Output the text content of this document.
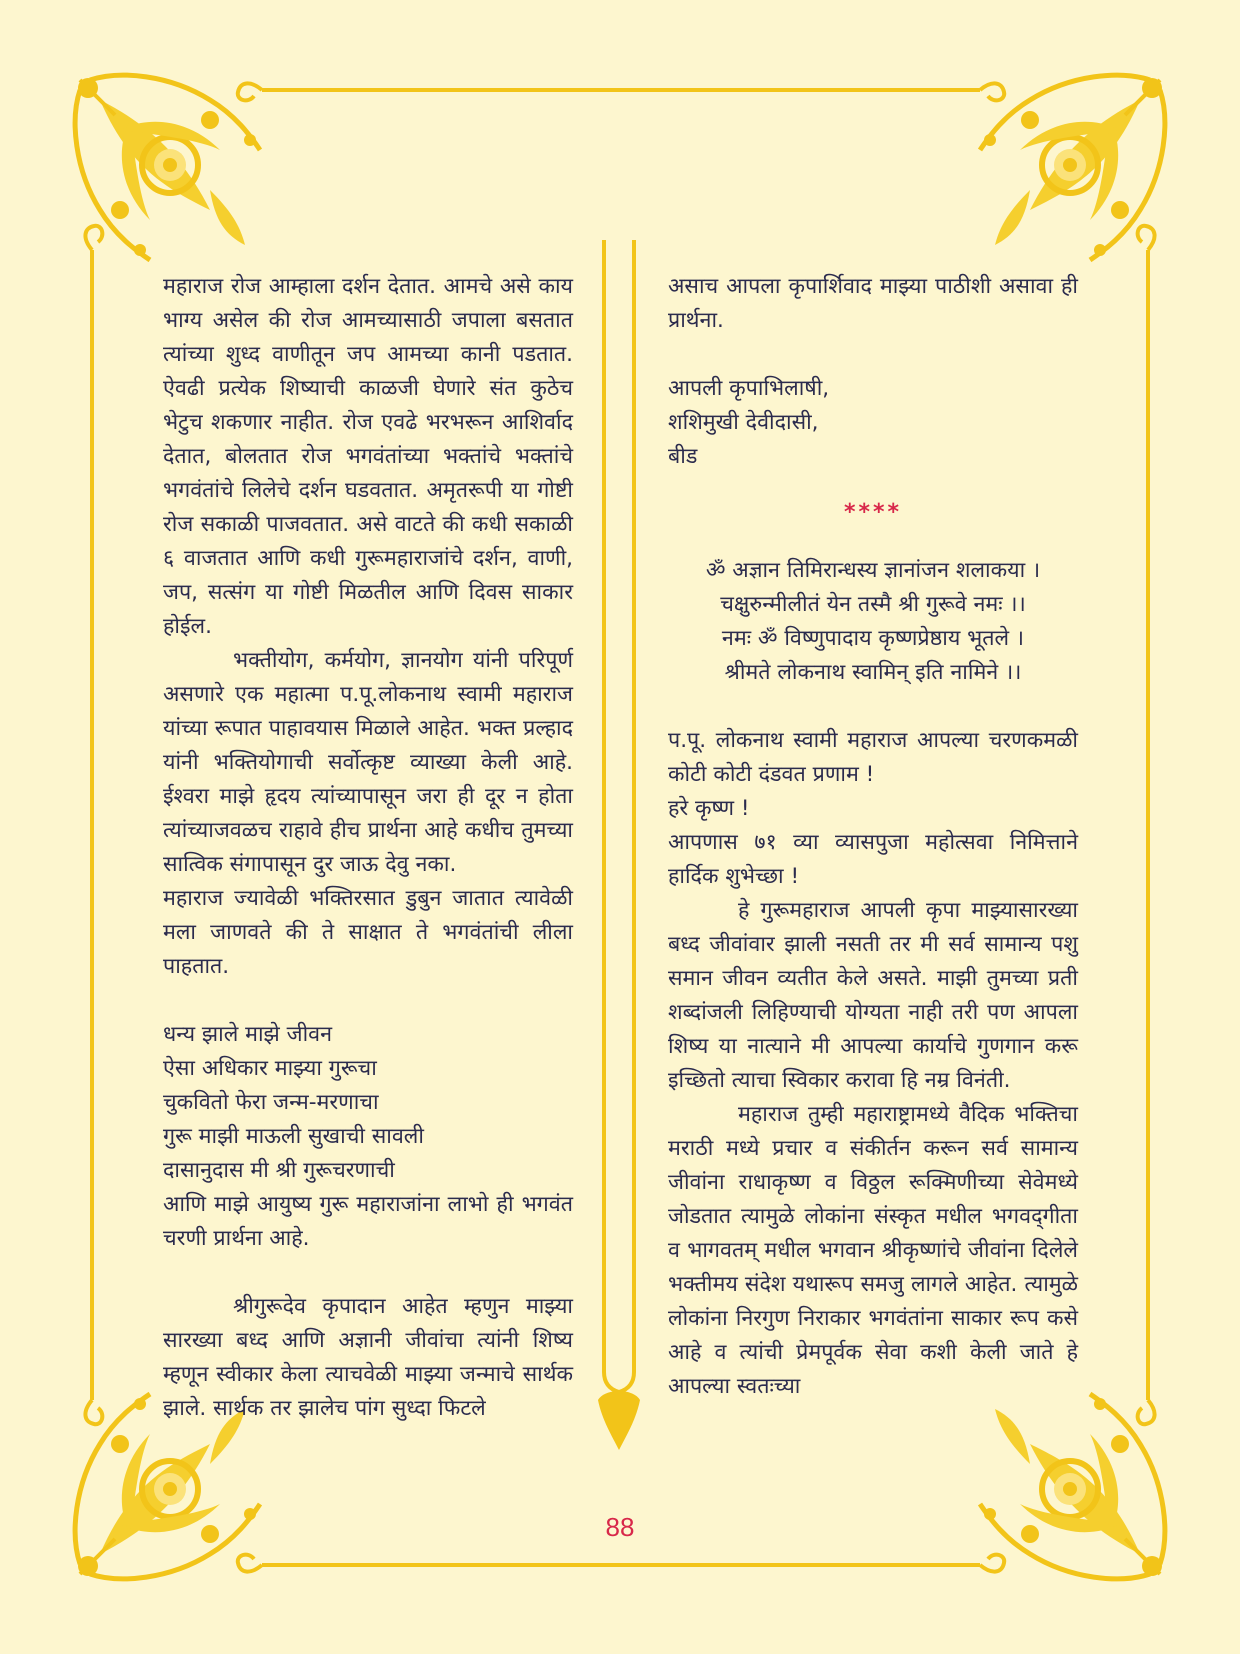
महाराज रोज आम्हाला दर्शन देतात. आमचे असे काय भाग्य असेल की रोज आमच्यासाठी जपाला बसतात त्यांच्या शुध्द वाणीतून जप आमच्या कानी पडतात. ऐवढी प्रत्येक शिष्याची काळजी घेणारे संत कुठेच भेटुच शकणार नाहीत. रोज एवढे भरभरून आशिर्वाद देतात, बोलतात रोज भगवंतांच्या भक्तांचे भक्तांचे भगवंतांचे लिलेचे दर्शन घडवतात. अमृतरूपी या गोष्टी रोज सकाळी पाजवतात. असे वाटते की कधी सकाळी ६ वाजतात आणि कधी गुरूमहाराजांचे दर्शन, वाणी, जप, सत्संग या गोष्टी मिळतील आणि दिवस साकार होईल.

भक्तीयोग, कर्मयोग, ज्ञानयोग यांनी परिपूर्ण असणारे एक महात्मा प.पू.लोकनाथ स्वामी महाराज यांच्या रूपात पाहावयास मिळाले आहेत. भक्त प्रल्हाद यांनी भक्तियोगाची सर्वोत्कृष्ट व्याख्या केली आहे. ईश्वरा माझे हृदय त्यांच्यापासून जरा ही दूर न होता त्यांच्याजवळच राहावे हीच प्रार्थना आहे कधीच तुमच्या सात्विक संगापासून दुर जाऊ देवु नका.

महाराज ज्यावेळी भक्तिरसात डुबुन जातात त्यावेळी मला जाणवते की ते साक्षात ते भगवंतांची लीला पाहतात.

धन्य झाले माझे जीवन

ऐसा अधिकार माझ्या गुरूचा

चुकवितो फेरा जन्म-मरणाचा

गुरू माझी माऊली सुखाची सावली

दासानुदास मी श्री गुरूचरणाची

आणि माझे आयुष्य गुरू महाराजांना लाभो ही भगवंत चरणी प्रार्थना आहे.

श्रीगुरूदेव कृपादान आहेत म्हणुन माझ्या सारख्या बध्द आणि अज्ञानी जीवांचा त्यांनी शिष्य म्हणून स्वीकार केला त्याचवेळी माझ्या जन्माचे सार्थक झाले. सार्थक तर झालेच पांग सुध्दा फिटले

असाच आपला कृपार्शिवाद माझ्या पाठीशी असावा ही प्रार्थना.

आपली कृपाभिलाषी,

शशिमुखी देवीदासी,

बीड

****

ॐ अज्ञान तिमिरान्धस्य ज्ञानांजन शलाकया ।

चक्षुरुन्मीलीतं येन तस्मै श्री गुरूवे नमः ।।

नमः ॐ विष्णुपादाय कृष्णप्रेष्ठाय भूतले ।

श्रीमते लोकनाथ स्वामिन् इति नामिने ।।

प.पू. लोकनाथ स्वामी महाराज आपल्या चरणकमळी कोटी कोटी दंडवत प्रणाम !

हरे कृष्ण !

आपणास ७१ व्या व्यासपुजा महोत्सवा निमित्ताने हार्दिक शुभेच्छा !

हे गुरूमहाराज आपली कृपा माझ्यासारख्या बध्द जीवांवार झाली नसती तर मी सर्व सामान्य पशु समान जीवन व्यतीत केले असते. माझी तुमच्या प्रती शब्दांजली लिहिण्याची योग्यता नाही तरी पण आपला शिष्य या नात्याने मी आपल्या कार्याचे गुणगान करू इच्छितो त्याचा स्विकार करावा हि नम्र विनंती.

महाराज तुम्ही महाराष्ट्रामध्ये वैदिक भक्तिचा मराठी मध्ये प्रचार व संकीर्तन करून सर्व सामान्य जीवांना राधाकृष्ण व विठ्ठल रूक्मिणीच्या सेवेमध्ये जोडतात त्यामुळे लोकांना संस्कृत मधील भगवद्‌गीता व भागवतम् मधील भगवान श्रीकृष्णांचे जीवांना दिलेले भक्तीमय संदेश यथारूप समजु लागले आहेत. त्यामुळे लोकांना निरगुण निराकार भगवंतांना साकार रूप कसे आहे व त्यांची प्रेमपूर्वक सेवा कशी केली जाते हे आपल्या स्वतःच्या

88
